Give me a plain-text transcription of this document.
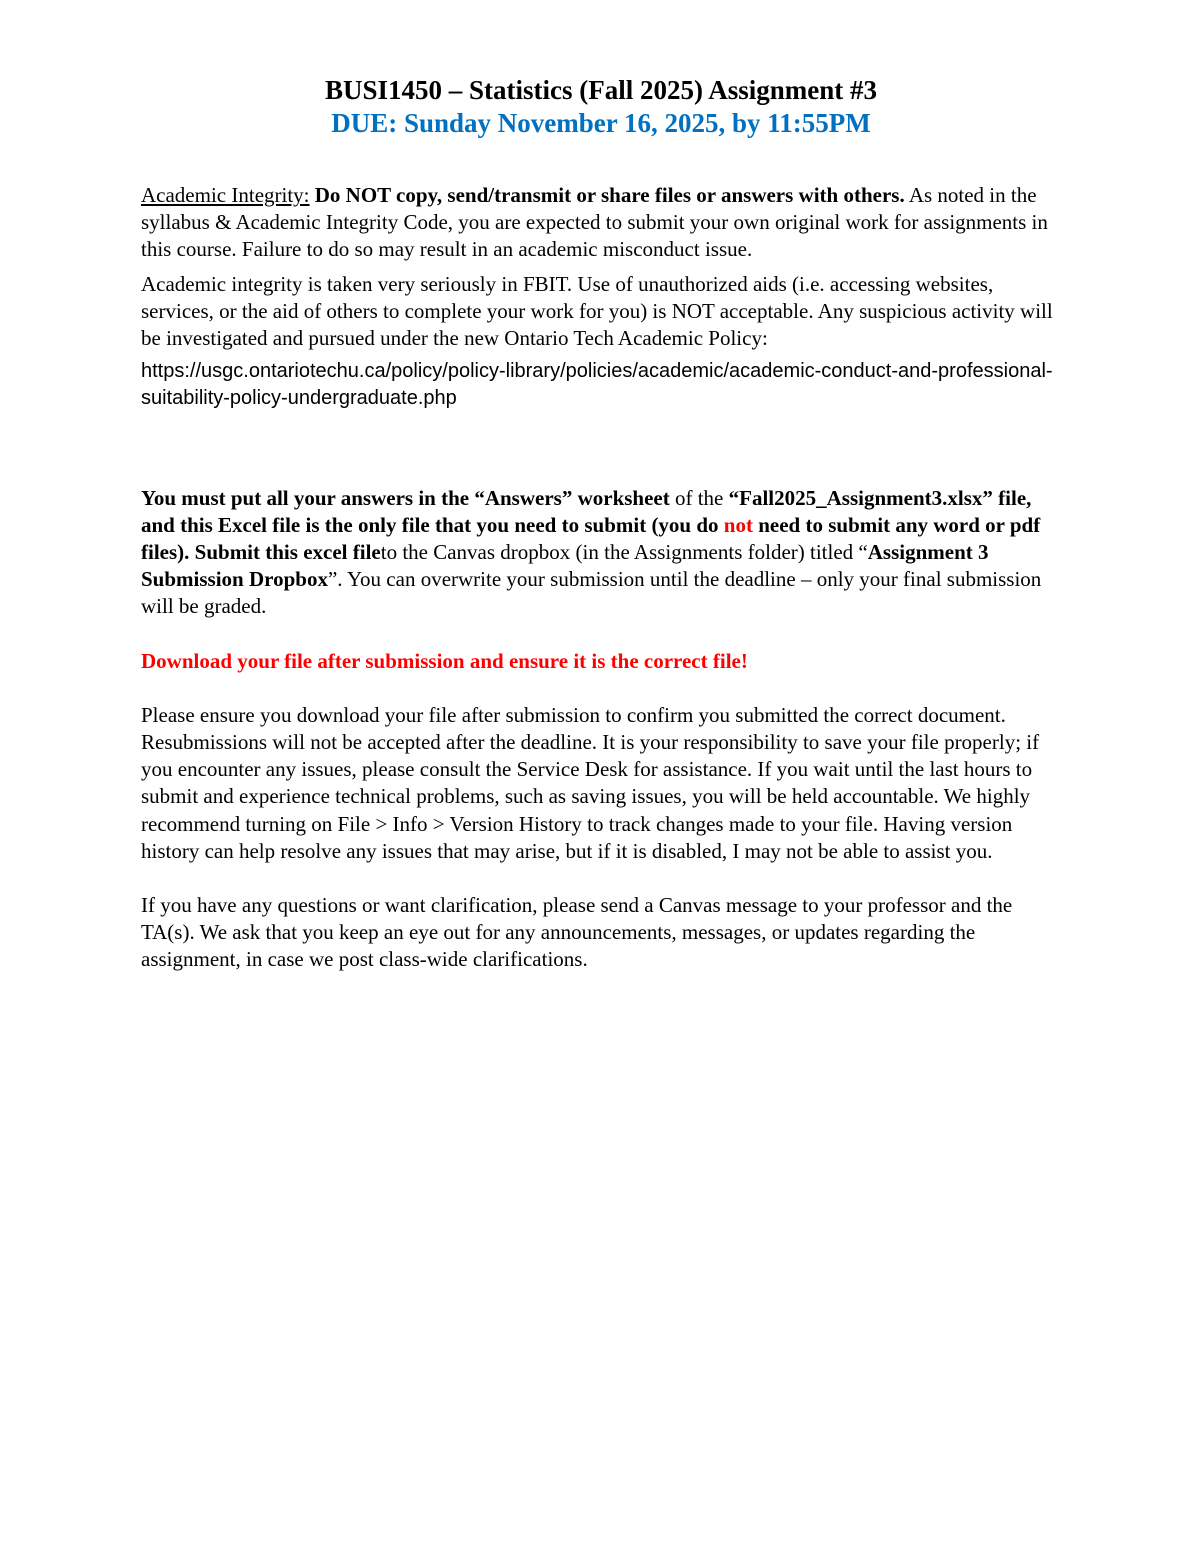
BUSI1450 – Statistics (Fall 2025) Assignment #3
DUE: Sunday November 16, 2025, by 11:55PM

Academic Integrity: Do NOT copy, send/transmit or share files or answers with others. As noted in the syllabus & Academic Integrity Code, you are expected to submit your own original work for assignments in this course. Failure to do so may result in an academic misconduct issue.

Academic integrity is taken very seriously in FBIT. Use of unauthorized aids (i.e. accessing websites, services, or the aid of others to complete your work for you) is NOT acceptable. Any suspicious activity will be investigated and pursued under the new Ontario Tech Academic Policy:

https://usgc.ontariotechu.ca/policy/policy-library/policies/academic/academic-conduct-and-professional-suitability-policy-undergraduate.php

You must put all your answers in the “Answers” worksheet of the “Fall2025_Assignment3.xlsx” file, and this Excel file is the only file that you need to submit (you do not need to submit any word or pdf files). Submit this excel fileto the Canvas dropbox (in the Assignments folder) titled “Assignment 3 Submission Dropbox”. You can overwrite your submission until the deadline – only your final submission will be graded.

Download your file after submission and ensure it is the correct file!

Please ensure you download your file after submission to confirm you submitted the correct document. Resubmissions will not be accepted after the deadline. It is your responsibility to save your file properly; if you encounter any issues, please consult the Service Desk for assistance. If you wait until the last hours to submit and experience technical problems, such as saving issues, you will be held accountable. We highly recommend turning on File > Info > Version History to track changes made to your file. Having version history can help resolve any issues that may arise, but if it is disabled, I may not be able to assist you.

If you have any questions or want clarification, please send a Canvas message to your professor and the TA(s). We ask that you keep an eye out for any announcements, messages, or updates regarding the assignment, in case we post class-wide clarifications.
